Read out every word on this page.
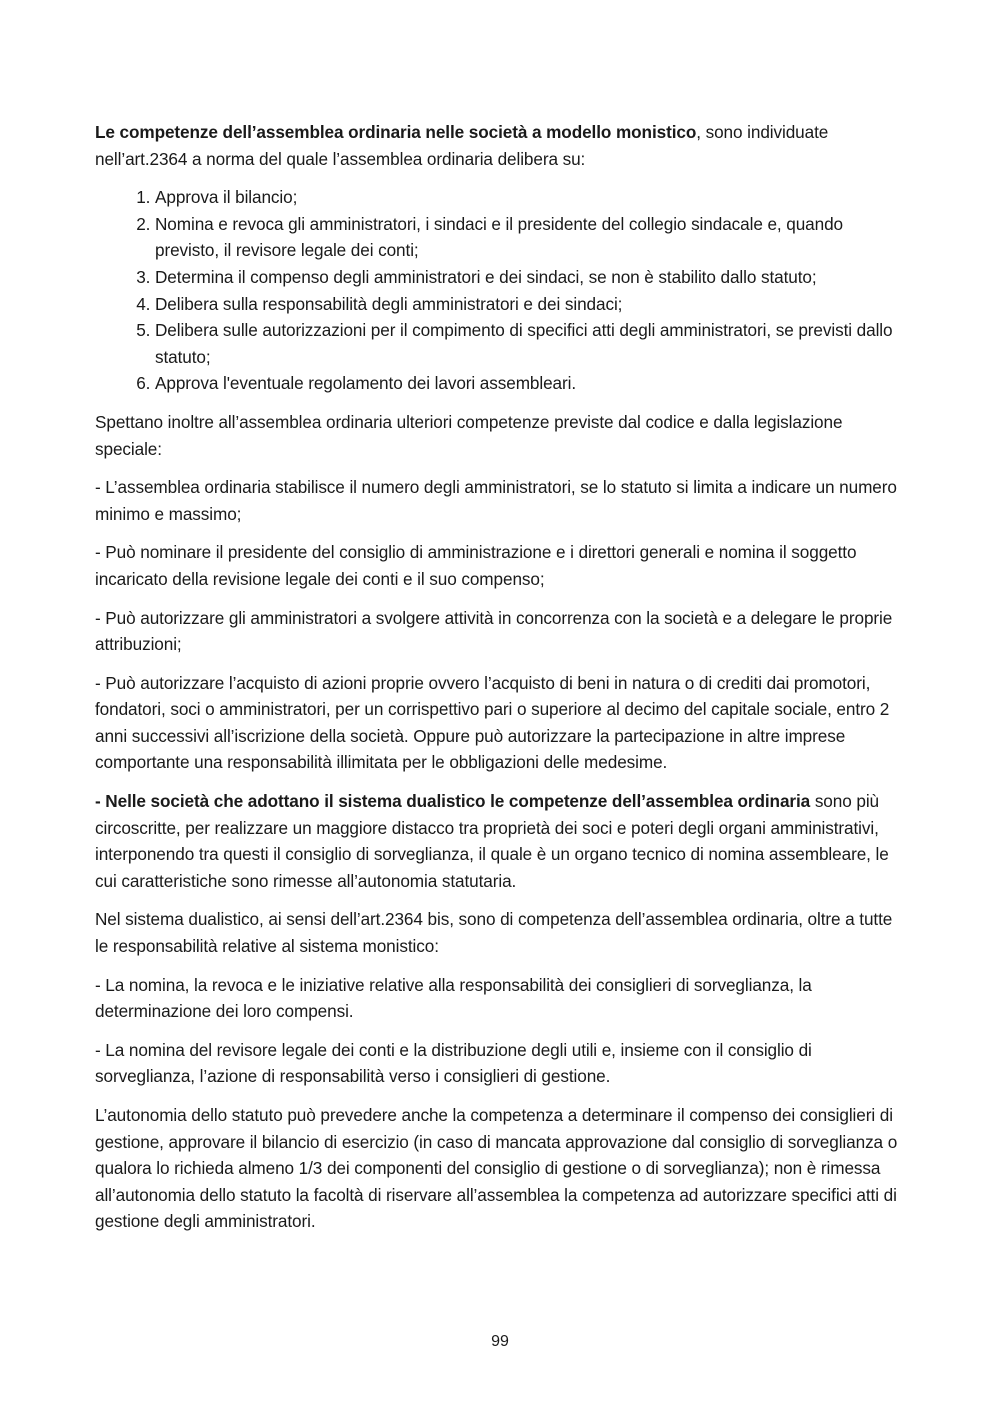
Le competenze dell’assemblea ordinaria nelle società a modello monistico, sono individuate nell’art.2364 a norma del quale l’assemblea ordinaria delibera su:

1. Approva il bilancio;
2. Nomina e revoca gli amministratori, i sindaci e il presidente del collegio sindacale e, quando previsto, il revisore legale dei conti;
3. Determina il compenso degli amministratori e dei sindaci, se non è stabilito dallo statuto;
4. Delibera sulla responsabilità degli amministratori e dei sindaci;
5. Delibera sulle autorizzazioni per il compimento di specifici atti degli amministratori, se previsti dallo statuto;
6. Approva l'eventuale regolamento dei lavori assembleari.

Spettano inoltre all’assemblea ordinaria ulteriori competenze previste dal codice e dalla legislazione speciale:

- L’assemblea ordinaria stabilisce il numero degli amministratori, se lo statuto si limita a indicare un numero minimo e massimo;

- Può nominare il presidente del consiglio di amministrazione e i direttori generali e nomina il soggetto incaricato della revisione legale dei conti e il suo compenso;

- Può autorizzare gli amministratori a svolgere attività in concorrenza con la società e a delegare le proprie attribuzioni;

- Può autorizzare l’acquisto di azioni proprie ovvero l’acquisto di beni in natura o di crediti dai promotori, fondatori, soci o amministratori, per un corrispettivo pari o superiore al decimo del capitale sociale, entro 2 anni successivi all’iscrizione della società. Oppure può autorizzare la partecipazione in altre imprese comportante una responsabilità illimitata per le obbligazioni delle medesime.

- Nelle società che adottano il sistema dualistico le competenze dell’assemblea ordinaria sono più circoscritte, per realizzare un maggiore distacco tra proprietà dei soci e poteri degli organi amministrativi, interponendo tra questi il consiglio di sorveglianza, il quale è un organo tecnico di nomina assembleare, le cui caratteristiche sono rimesse all’autonomia statutaria.

Nel sistema dualistico, ai sensi dell’art.2364 bis, sono di competenza dell’assemblea ordinaria, oltre a tutte le responsabilità relative al sistema monistico:

- La nomina, la revoca e le iniziative relative alla responsabilità dei consiglieri di sorveglianza, la determinazione dei loro compensi.

- La nomina del revisore legale dei conti e la distribuzione degli utili e, insieme con il consiglio di sorveglianza, l’azione di responsabilità verso i consiglieri di gestione.

L’autonomia dello statuto può prevedere anche la competenza a determinare il compenso dei consiglieri di gestione, approvare il bilancio di esercizio (in caso di mancata approvazione dal consiglio di sorveglianza o qualora lo richieda almeno 1/3 dei componenti del consiglio di gestione o di sorveglianza); non è rimessa all’autonomia dello statuto la facoltà di riservare all’assemblea la competenza ad autorizzare specifici atti di gestione degli amministratori.

99
